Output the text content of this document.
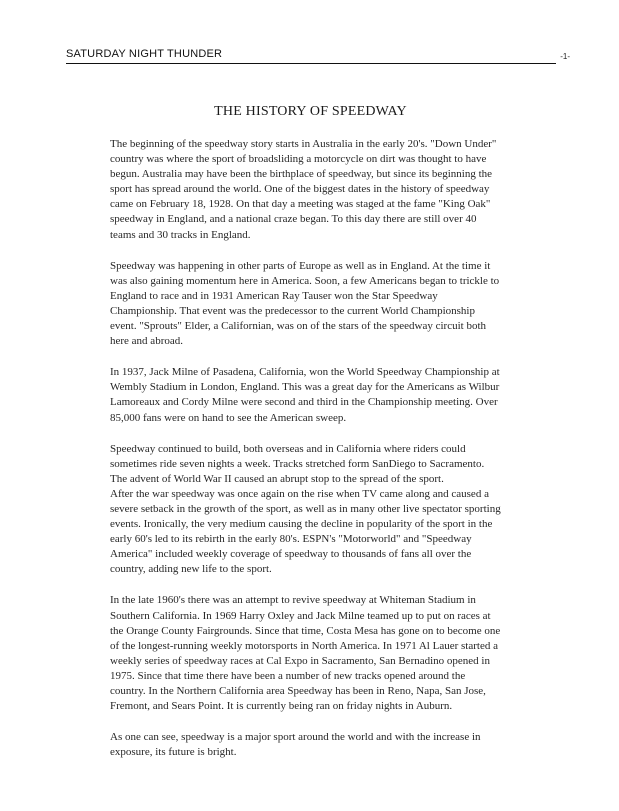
SATURDAY NIGHT THUNDER	-1-
THE HISTORY OF SPEEDWAY

The beginning of the speedway story starts in Australia in the early 20's. "Down Under"
country was where the sport of broadsliding a motorcycle on dirt was thought to have
begun. Australia may have been the birthplace of speedway, but since its beginning the
sport has spread around the world. One of the biggest dates in the history of speedway
came on February 18, 1928. On that day a meeting was staged at the fame "King Oak"
speedway in England, and a national craze began. To this day there are still over 40
teams and 30 tracks in England.

Speedway was happening in other parts of Europe as well as in England. At the time it
was also gaining momentum here in America. Soon, a few Americans began to trickle to
England to race and in 1931 American Ray Tauser won the Star Speedway
Championship. That event was the predecessor to the current World Championship
event. "Sprouts" Elder, a Californian, was on of the stars of the speedway circuit both
here and abroad.

In 1937, Jack Milne of Pasadena, California, won the World Speedway Championship at
Wembly Stadium in London, England. This was a great day for the Americans as Wilbur
Lamoreaux and Cordy Milne were second and third in the Championship meeting. Over
85,000 fans were on hand to see the American sweep.

Speedway continued to build, both overseas and in California where riders could
sometimes ride seven nights a week. Tracks stretched form SanDiego to Sacramento.
The advent of World War II caused an abrupt stop to the spread of the sport.
After the war speedway was once again on the rise when TV came along and caused a
severe setback in the growth of the sport, as well as in many other live spectator sporting
events. Ironically, the very medium causing the decline in popularity of the sport in the
early 60's led to its rebirth in the early 80's. ESPN's "Motorworld" and "Speedway
America" included weekly coverage of speedway to thousands of fans all over the
country, adding new life to the sport.

In the late 1960's there was an attempt to revive speedway at Whiteman Stadium in
Southern California. In 1969 Harry Oxley and Jack Milne teamed up to put on races at
the Orange County Fairgrounds. Since that time, Costa Mesa has gone on to become one
of the longest-running weekly motorsports in North America. In 1971 Al Lauer started a
weekly series of speedway races at Cal Expo in Sacramento, San Bernadino opened in
1975. Since that time there have been a number of new tracks opened around the
country. In the Northern California area Speedway has been in Reno, Napa, San Jose,
Fremont, and Sears Point. It is currently being ran on friday nights in Auburn.

As one can see, speedway is a major sport around the world and with the increase in
exposure, its future is bright.
